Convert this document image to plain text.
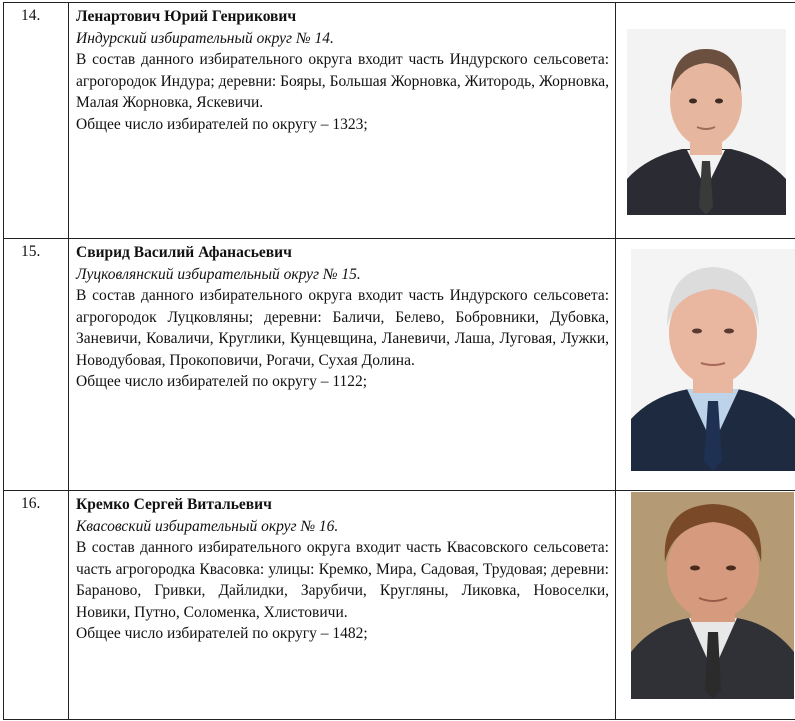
14.	Ленартович Юрий Генрикович
Индурский избирательный округ № 14.
В состав данного избирательного округа входит часть Индурского сельсовета: агрогородок Индура; деревни: Бояры, Большая Жорновка, Житородь, Жорновка, Малая Жорновка, Яскевичи.
Общее число избирателей по округу – 1323;

15.	Свирид Василий Афанасьевич
Луцковлянский избирательный округ № 15.
В состав данного избирательного округа входит часть Индурского сельсовета: агрогородок Луцковляны; деревни: Баличи, Белево, Бобровники, Дубовка, Заневичи, Коваличи, Круглики, Кунцевщина, Ланевичи, Лаша, Луговая, Лужки, Новодубовая, Прокоповичи, Рогачи, Сухая Долина.
Общее число избирателей по округу – 1122;

16.	Кремко Сергей Витальевич
Квасовский избирательный округ № 16.
В состав данного избирательного округа входит часть Квасовского сельсовета: часть агрогородка Квасовка: улицы: Кремко, Мира, Садовая, Трудовая; деревни: Бараново, Гривки, Дайлидки, Зарубичи, Кругляны, Ликовка, Новоселки, Новики, Путно, Соломенка, Хлистовичи.
Общее число избирателей по округу – 1482;
